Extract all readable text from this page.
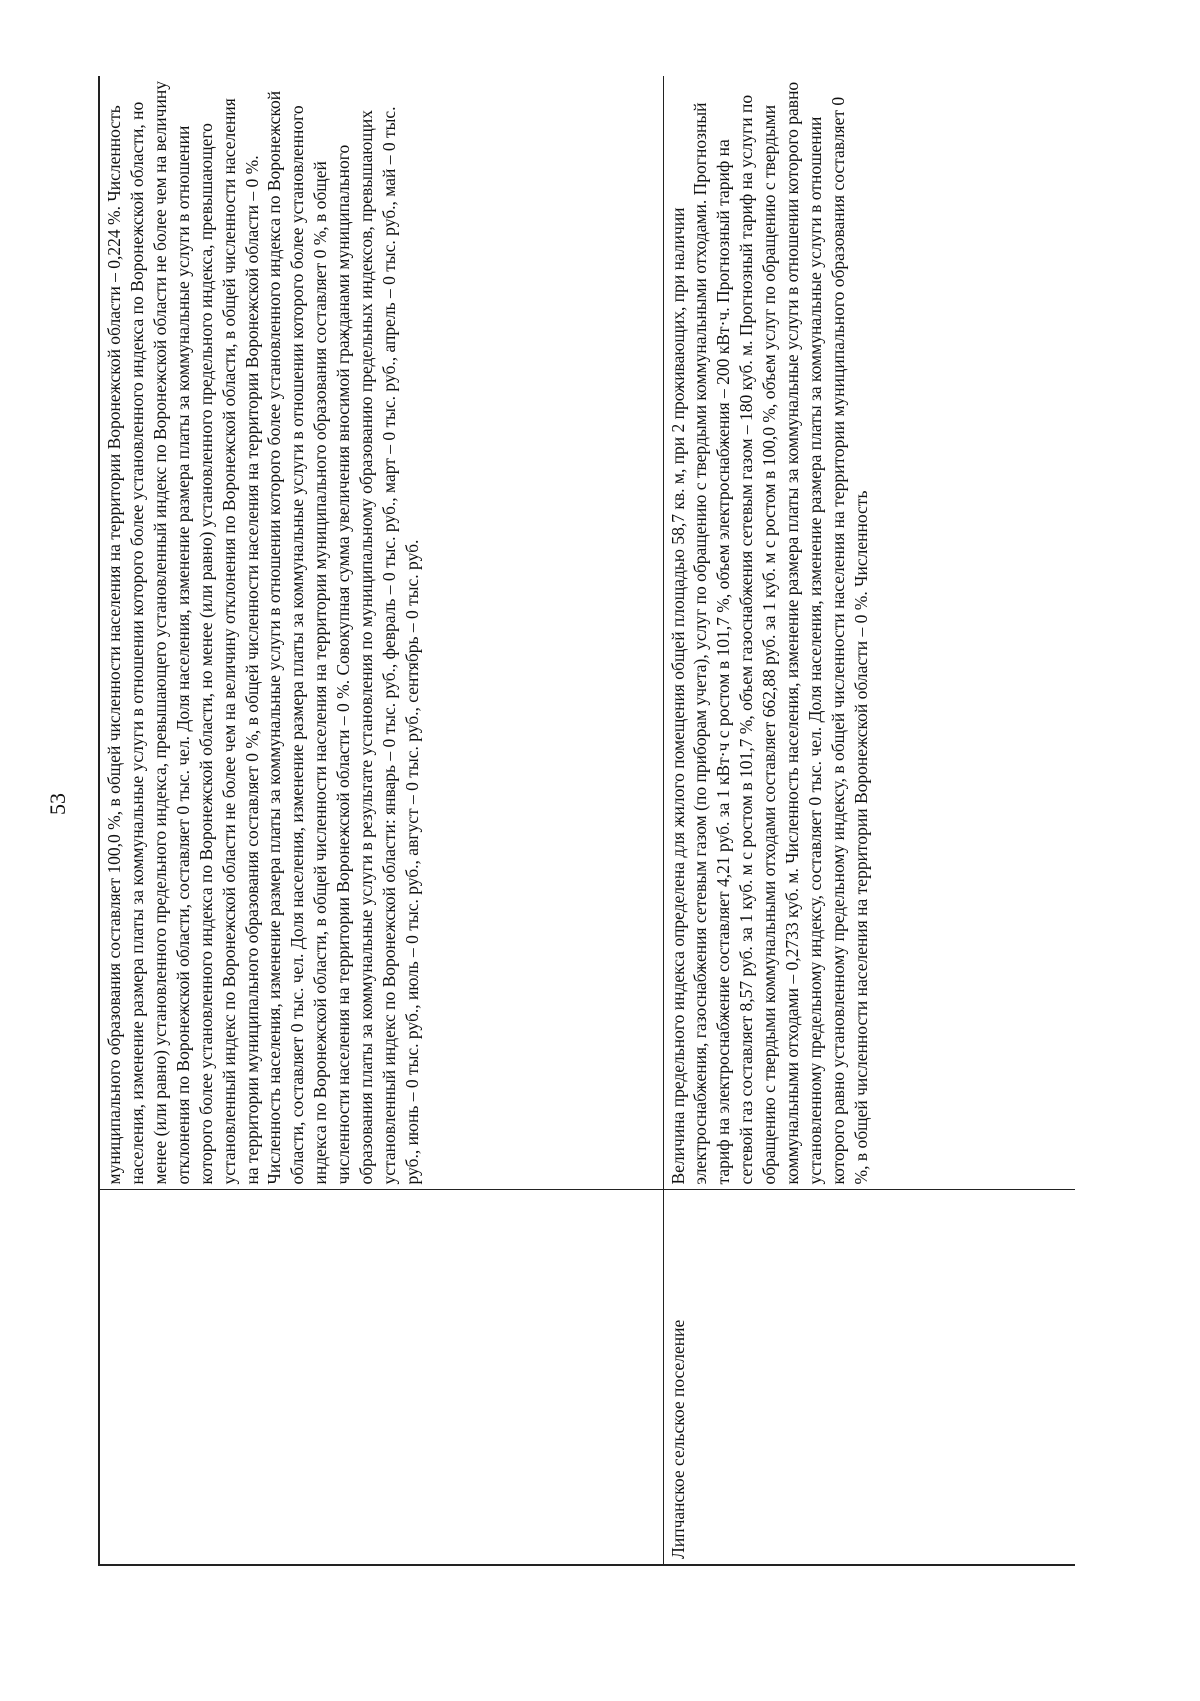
53
	муниципального образования составляет 100,0 %, в общей численности населения на территории Воронежской области – 0,224 %. Численность населения, изменение размера платы за коммунальные услуги в отношении которого более установленного индекса по Воронежской области, но менее (или равно) установленного предельного индекса, превышающего установленный индекс по Воронежской области не более чем на величину отклонения по Воронежской области, составляет 0 тыс. чел. Доля населения, изменение размера платы за коммунальные услуги в отношении которого более установленного индекса по Воронежской области, но менее (или равно) установленного предельного индекса, превышающего установленный индекс по Воронежской области не более чем на величину отклонения по Воронежской области, в общей численности населения на территории муниципального образования составляет 0 %, в общей численности населения на территории Воронежской области – 0 %. Численность населения, изменение размера платы за коммунальные услуги в отношении которого более установленного индекса по Воронежской области, составляет 0 тыс. чел. Доля населения, изменение размера платы за коммунальные услуги в отношении которого более установленного индекса по Воронежской области, в общей численности населения на территории муниципального образования составляет 0 %, в общей численности населения на территории Воронежской области – 0 %. Совокупная сумма увеличения вносимой гражданами муниципального образования платы за коммунальные услуги в результате установления по муниципальному образованию предельных индексов, превышающих установленный индекс по Воронежской области: январь – 0 тыс. руб., февраль – 0 тыс. руб., март – 0 тыс. руб., апрель – 0 тыс. руб., май – 0 тыс. руб., июнь – 0 тыс. руб., июль – 0 тыс. руб., август – 0 тыс. руб., сентябрь – 0 тыс. руб.
Липчанское сельское поселение	Величина предельного индекса определена для жилого помещения общей площадью 58,7 кв. м, при 2 проживающих, при наличии электроснабжения, газоснабжения сетевым газом (по приборам учета), услуг по обращению с твердыми коммунальными отходами. Прогнозный тариф на электроснабжение составляет 4,21 руб. за 1 кВт·ч с ростом в 101,7 %, объем электроснабжения – 200 кВт·ч. Прогнозный тариф на сетевой газ составляет 8,57 руб. за 1 куб. м с ростом в 101,7 %, объем газоснабжения сетевым газом – 180 куб. м. Прогнозный тариф на услуги по обращению с твердыми коммунальными отходами составляет 662,88 руб. за 1 куб. м с ростом в 100,0 %, объем услуг по обращению с твердыми коммунальными отходами – 0,2733 куб. м. Численность населения, изменение размера платы за коммунальные услуги в отношении которого равно установленному предельному индексу, составляет 0 тыс. чел. Доля населения, изменение размера платы за коммунальные услуги в отношении которого равно установленному предельному индексу, в общей численности населения на территории муниципального образования составляет 0 %, в общей численности населения на территории Воронежской области – 0 %. Численность
